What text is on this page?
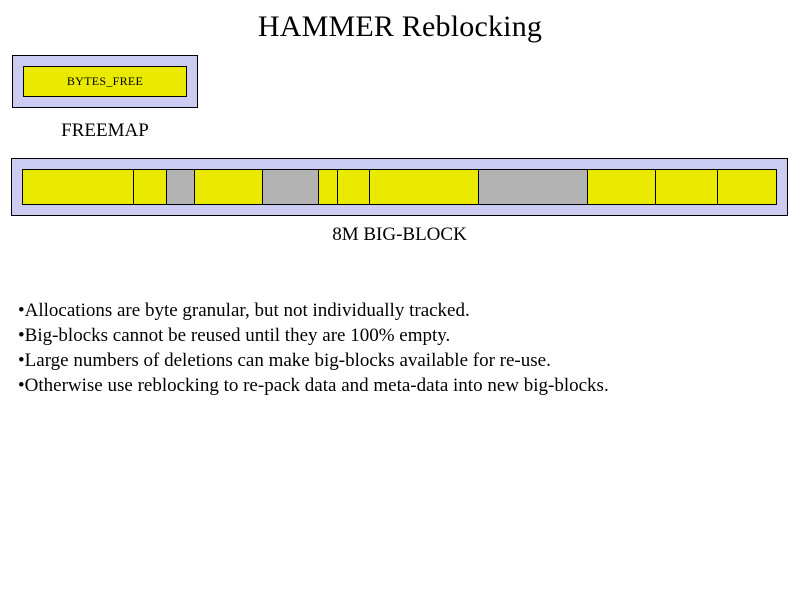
HAMMER Reblocking
BYTES_FREE
FREEMAP
8M BIG-BLOCK
•Allocations are byte granular, but not individually tracked.
•Big-blocks cannot be reused until they are 100% empty.
•Large numbers of deletions can make big-blocks available for re-use.
•Otherwise use reblocking to re-pack data and meta-data into new big-blocks.
